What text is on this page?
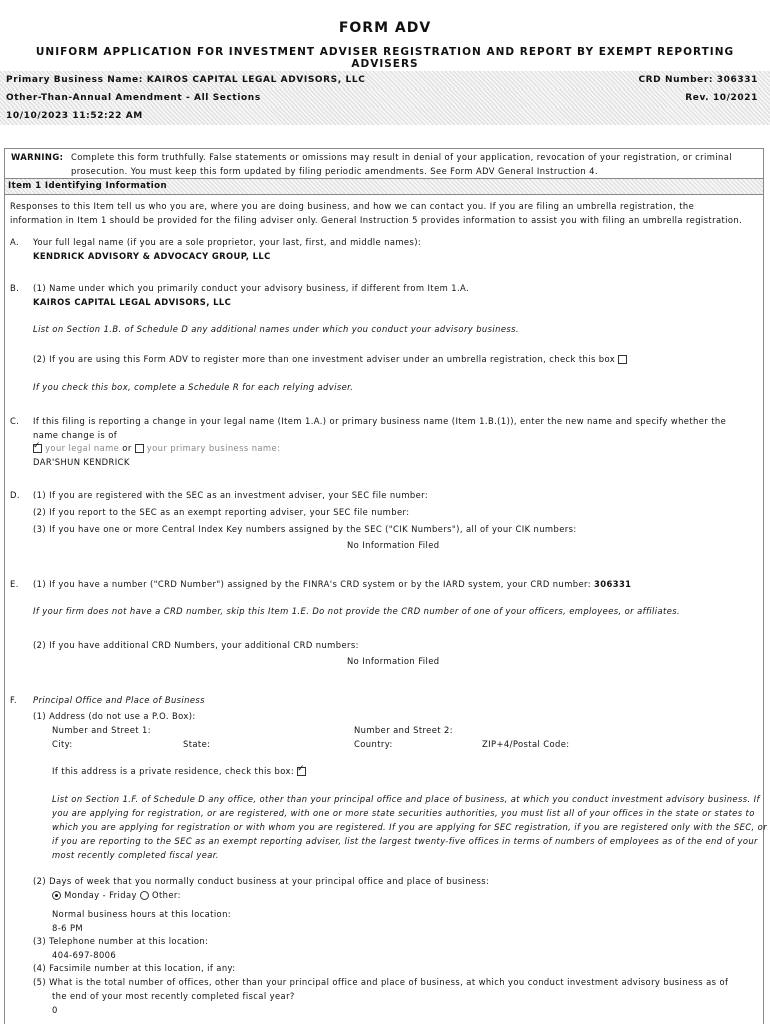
FORM ADV
UNIFORM APPLICATION FOR INVESTMENT ADVISER REGISTRATION AND REPORT BY EXEMPT REPORTING ADVISERS
Primary Business Name: KAIROS CAPITAL LEGAL ADVISORS, LLC	CRD Number: 306331
Other-Than-Annual Amendment - All Sections	Rev. 10/2021
10/10/2023 11:52:22 AM
WARNING: Complete this form truthfully. False statements or omissions may result in denial of your application, revocation of your registration, or criminal
prosecution. You must keep this form updated by filing periodic amendments. See Form ADV General Instruction 4.
Item 1 Identifying Information
Responses to this Item tell us who you are, where you are doing business, and how we can contact you. If you are filing an umbrella registration, the
information in Item 1 should be provided for the filing adviser only. General Instruction 5 provides information to assist you with filing an umbrella registration.
A. Your full legal name (if you are a sole proprietor, your last, first, and middle names):
KENDRICK ADVISORY & ADVOCACY GROUP, LLC
B. (1) Name under which you primarily conduct your advisory business, if different from Item 1.A.
KAIROS CAPITAL LEGAL ADVISORS, LLC
List on Section 1.B. of Schedule D any additional names under which you conduct your advisory business.
(2) If you are using this Form ADV to register more than one investment adviser under an umbrella registration, check this box
If you check this box, complete a Schedule R for each relying adviser.
C. If this filing is reporting a change in your legal name (Item 1.A.) or primary business name (Item 1.B.(1)), enter the new name and specify whether the
name change is of
✓ your legal name or your primary business name:
DAR'SHUN KENDRICK
D. (1) If you are registered with the SEC as an investment adviser, your SEC file number:
(2) If you report to the SEC as an exempt reporting adviser, your SEC file number:
(3) If you have one or more Central Index Key numbers assigned by the SEC ("CIK Numbers"), all of your CIK numbers:
No Information Filed
E. (1) If you have a number ("CRD Number") assigned by the FINRA's CRD system or by the IARD system, your CRD number: 306331
If your firm does not have a CRD number, skip this Item 1.E. Do not provide the CRD number of one of your officers, employees, or affiliates.
(2) If you have additional CRD Numbers, your additional CRD numbers:
No Information Filed
F. Principal Office and Place of Business
(1) Address (do not use a P.O. Box):
Number and Street 1:	Number and Street 2:
City:	State:	Country:	ZIP+4/Postal Code:
If this address is a private residence, check this box: ✓
List on Section 1.F. of Schedule D any office, other than your principal office and place of business, at which you conduct investment advisory business. If
you are applying for registration, or are registered, with one or more state securities authorities, you must list all of your offices in the state or states to
which you are applying for registration or with whom you are registered. If you are applying for SEC registration, if you are registered only with the SEC, or
if you are reporting to the SEC as an exempt reporting adviser, list the largest twenty-five offices in terms of numbers of employees as of the end of your
most recently completed fiscal year.
(2) Days of week that you normally conduct business at your principal office and place of business:
Monday - Friday Other:
Normal business hours at this location:
8-6 PM
(3) Telephone number at this location:
404-697-8006
(4) Facsimile number at this location, if any:
(5) What is the total number of offices, other than your principal office and place of business, at which you conduct investment advisory business as of
the end of your most recently completed fiscal year?
0
